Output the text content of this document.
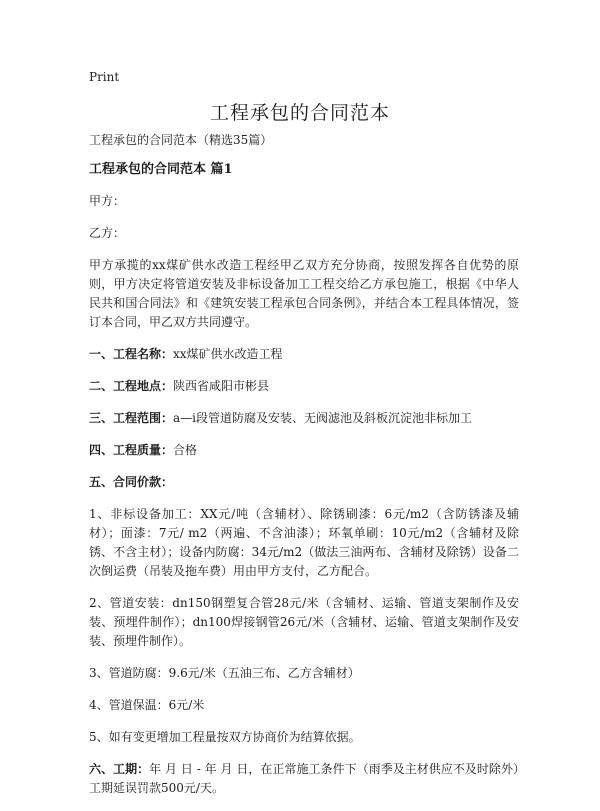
Print
工程承包的合同范本

工程承包的合同范本（精选35篇）

工程承包的合同范本 篇1

甲方：

乙方：

甲方承揽的xx煤矿供水改造工程经甲乙双方充分协商，按照发挥各自优势的原则，甲方决定将管道安装及非标设备加工工程交给乙方承包施工，根据《中华人民共和国合同法》和《建筑安装工程承包合同条例》，并结合本工程具体情况，签订本合同，甲乙双方共同遵守。

一、工程名称：xx煤矿供水改造工程

二、工程地点：陕西省咸阳市彬县

三、工程范围：a—i段管道防腐及安装、无阀滤池及斜板沉淀池非标加工

四、工程质量：合格

五、合同价款：

1、非标设备加工：XX元/吨（含辅材）、除锈刷漆：6元/m2（含防锈漆及辅材）；面漆：7元/ m2（两遍、不含油漆）；环氧单刷：10元/m2（含辅材及除锈、不含主材）；设备内防腐：34元/m2（做法三油两布、含辅材及除锈）设备二次倒运费（吊装及拖车费）用由甲方支付，乙方配合。

2、管道安装：dn150钢塑复合管28元/米（含辅材、运输、管道支架制作及安装、预埋件制作）；dn100焊接钢管26元/米（含辅材、运输、管道支架制作及安装、预埋件制作）。

3、管道防腐：9.6元/米（五油三布、乙方含辅材）

4、管道保温：6元/米

5、如有变更增加工程量按双方协商价为结算依据。

六、工期：年 月 日 - 年 月 日，在正常施工条件下（雨季及主材供应不及时除外）工期延误罚款500元/天。
